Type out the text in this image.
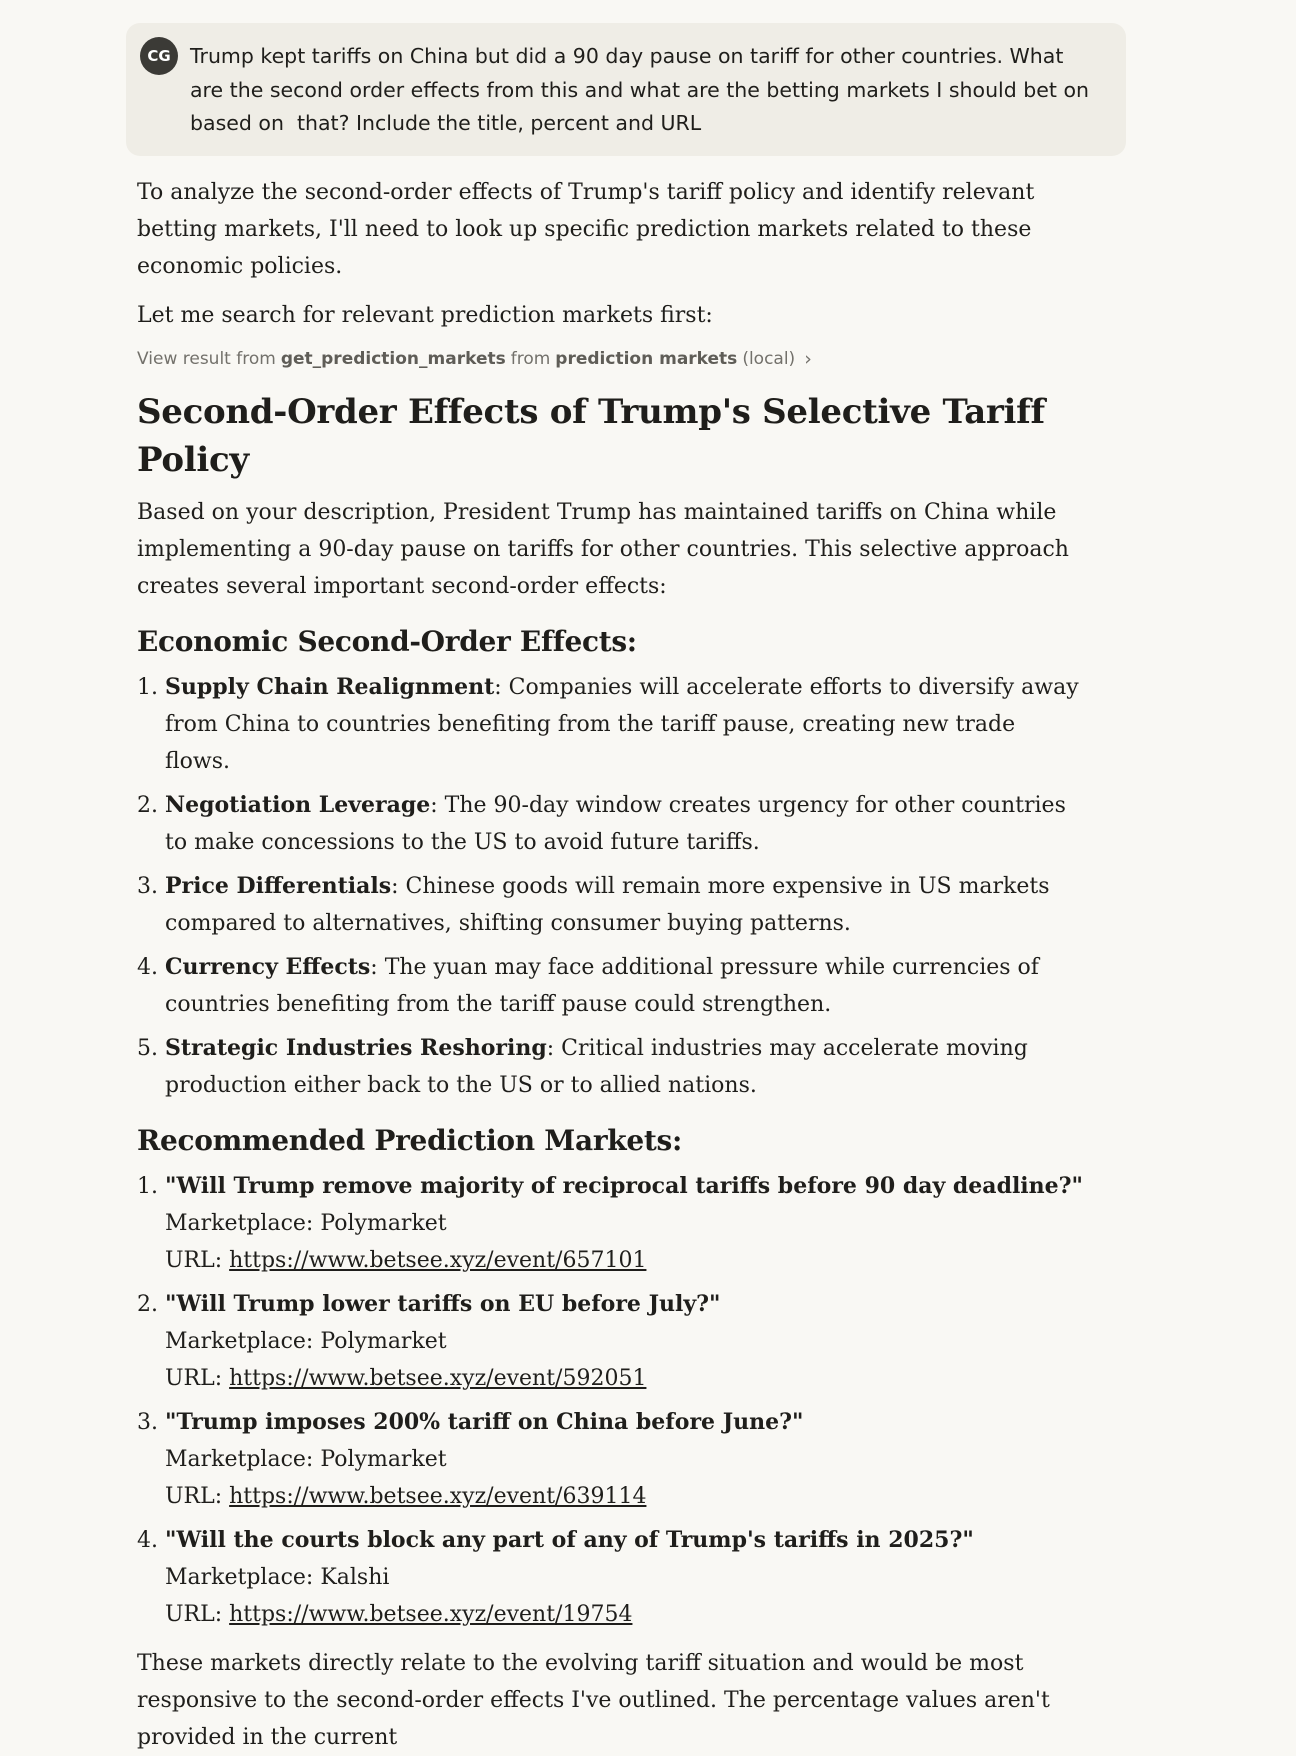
CG Trump kept tariffs on China but did a 90 day pause on tariff for other countries. What are the second order effects from this and what are the betting markets I should bet on based on  that? Include the title, percent and URL

To analyze the second-order effects of Trump's tariff policy and identify relevant betting markets, I'll need to look up specific prediction markets related to these economic policies.

Let me search for relevant prediction markets first:

View result from get_prediction_markets from prediction markets (local) ›
Second-Order Effects of Trump's Selective Tariff Policy

Based on your description, President Trump has maintained tariffs on China while implementing a 90-day pause on tariffs for other countries. This selective approach creates several important second-order effects:

Economic Second-Order Effects:
1. Supply Chain Realignment: Companies will accelerate efforts to diversify away from China to countries benefiting from the tariff pause, creating new trade flows.
2. Negotiation Leverage: The 90-day window creates urgency for other countries to make concessions to the US to avoid future tariffs.
3. Price Differentials: Chinese goods will remain more expensive in US markets compared to alternatives, shifting consumer buying patterns.
4. Currency Effects: The yuan may face additional pressure while currencies of countries benefiting from the tariff pause could strengthen.
5. Strategic Industries Reshoring: Critical industries may accelerate moving production either back to the US or to allied nations.
Recommended Prediction Markets:
1. "Will Trump remove majority of reciprocal tariffs before 90 day deadline?"
Marketplace: Polymarket
URL: https://www.betsee.xyz/event/657101
2. "Will Trump lower tariffs on EU before July?"
Marketplace: Polymarket
URL: https://www.betsee.xyz/event/592051
3. "Trump imposes 200% tariff on China before June?"
Marketplace: Polymarket
URL: https://www.betsee.xyz/event/639114
4. "Will the courts block any part of any of Trump's tariffs in 2025?"
Marketplace: Kalshi
URL: https://www.betsee.xyz/event/19754

These markets directly relate to the evolving tariff situation and would be most responsive to the second-order effects I've outlined. The percentage values aren't provided in the current
